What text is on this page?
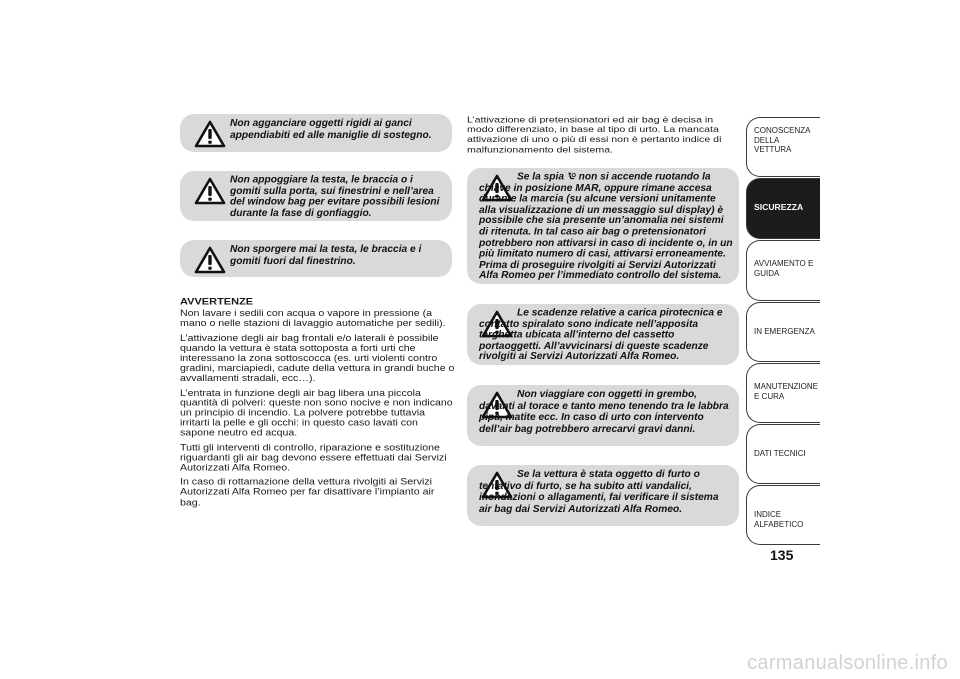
Non agganciare oggetti rigidi ai ganci appendiabiti ed alle maniglie di sostegno.
Non appoggiare la testa, le braccia o i gomiti sulla porta, sui finestrini e nell’area del window bag per evitare possibili lesioni durante la fase di gonfiaggio.
Non sporgere mai la testa, le braccia e i gomiti fuori dal finestrino.
AVVERTENZE

Non lavare i sedili con acqua o vapore in pressione (a mano o nelle stazioni di lavaggio automatiche per sedili).

L’attivazione degli air bag frontali e/o laterali è possibile quando la vettura è stata sottoposta a forti urti che interessano la zona sottoscocca (es. urti violenti contro gradini, marciapiedi, cadute della vettura in grandi buche o avvallamenti stradali, ecc…).

L’entrata in funzione degli air bag libera una piccola quantità di polveri: queste non sono nocive e non indicano un principio di incendio. La polvere potrebbe tuttavia irritarti la pelle e gli occhi: in questo caso lavati con sapone neutro ed acqua.

Tutti gli interventi di controllo, riparazione e sostituzione riguardanti gli air bag devono essere effettuati dai Servizi Autorizzati Alfa Romeo.

In caso di rottamazione della vettura rivolgiti ai Servizi Autorizzati Alfa Romeo per far disattivare l’impianto air bag.

L’attivazione di pretensionatori ed air bag è decisa in modo differenziato, in base al tipo di urto. La mancata attivazione di uno o più di essi non è pertanto indice di malfunzionamento del sistema.

Se la spia  non si accende ruotando la chiave in posizione MAR, oppure rimane accesa durante la marcia (su alcune versioni unitamente alla visualizzazione di un messaggio sul display) è possibile che sia presente un’anomalia nei sistemi di ritenuta. In tal caso air bag o pretensionatori potrebbero non attivarsi in caso di incidente o, in un più limitato numero di casi, attivarsi erroneamente. Prima di proseguire rivolgiti ai Servizi Autorizzati Alfa Romeo per l’immediato controllo del sistema.
Le scadenze relative a carica pirotecnica e contatto spiralato sono indicate nell’apposita targhetta ubicata all’interno del cassetto portaoggetti. All’avvicinarsi di queste scadenze rivolgiti ai Servizi Autorizzati Alfa Romeo.
Non viaggiare con oggetti in grembo, davanti al torace e tanto meno tenendo tra le labbra pipa, matite ecc. In caso di urto con intervento dell’air bag potrebbero arrecarvi gravi danni.
Se la vettura è stata oggetto di furto o tentativo di furto, se ha subito atti vandalici, inondazioni o allagamenti, fai verificare il sistema air bag dai Servizi Autorizzati Alfa Romeo.
CONOSCENZA DELLA VETTURA
SICUREZZA
AVVIAMENTO E GUIDA
IN EMERGENZA
MANUTENZIONE E CURA
DATI TECNICI
INDICE ALFABETICO
135
carmanualsonline.info
